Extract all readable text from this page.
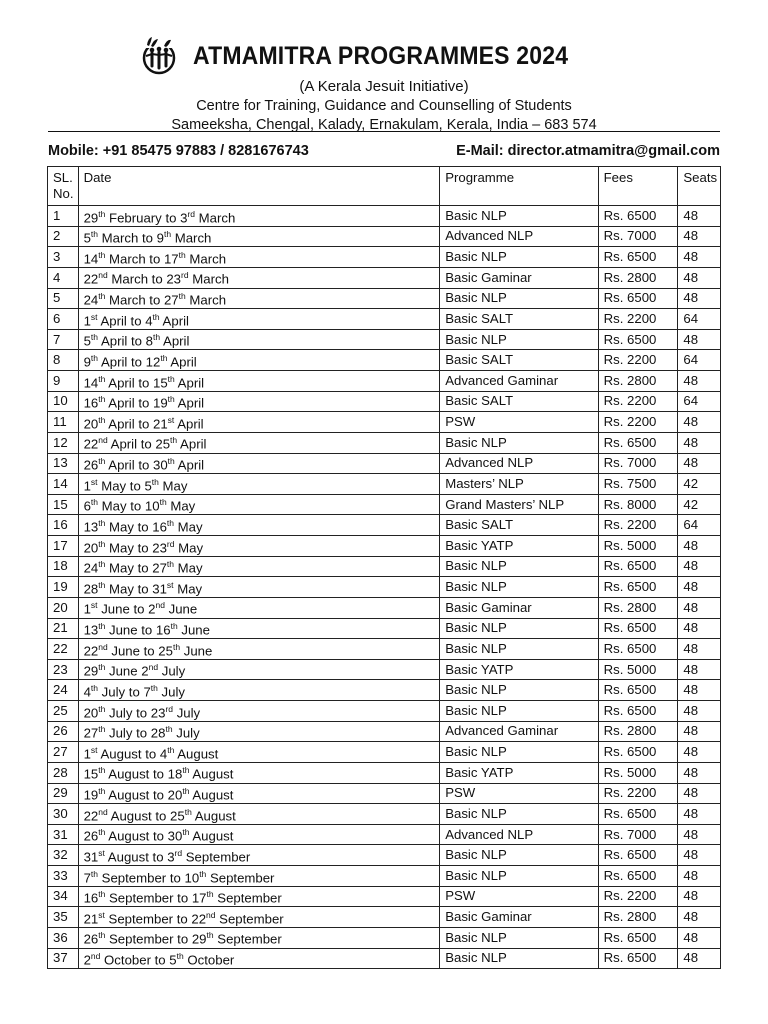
ATMAMITRA PROGRAMMES 2024
(A Kerala Jesuit Initiative)
Centre for Training, Guidance and Counselling of Students
Sameeksha, Chengal, Kalady, Ernakulam, Kerala, India – 683 574
Mobile: +91 85475 97883 / 8281676743	E-Mail: director.atmamitra@gmail.com
SL.
No.	Date	Programme	Fees	Seats
1	29th February to 3rd March	Basic NLP	Rs. 6500	48
2	5th March to 9th March	Advanced NLP	Rs. 7000	48
3	14th March to 17th March	Basic NLP	Rs. 6500	48
4	22nd March to 23rd March	Basic Gaminar	Rs. 2800	48
5	24th March to 27th March	Basic NLP	Rs. 6500	48
6	1st April to 4th April	Basic SALT	Rs. 2200	64
7	5th April to 8th April	Basic NLP	Rs. 6500	48
8	9th April to 12th April	Basic SALT	Rs. 2200	64
9	14th April to 15th April	Advanced Gaminar	Rs. 2800	48
10	16th April to 19th April	Basic SALT	Rs. 2200	64
11	20th April to 21st April	PSW	Rs. 2200	48
12	22nd April to 25th April	Basic NLP	Rs. 6500	48
13	26th April to 30th April	Advanced NLP	Rs. 7000	48
14	1st May to 5th May	Masters’ NLP	Rs. 7500	42
15	6th May to 10th May	Grand Masters’ NLP	Rs. 8000	42
16	13th May to 16th May	Basic SALT	Rs. 2200	64
17	20th May to 23rd May	Basic YATP	Rs. 5000	48
18	24th May to 27th May	Basic NLP	Rs. 6500	48
19	28th May to 31st May	Basic NLP	Rs. 6500	48
20	1st June to 2nd June	Basic Gaminar	Rs. 2800	48
21	13th June to 16th June	Basic NLP	Rs. 6500	48
22	22nd June to 25th June	Basic NLP	Rs. 6500	48
23	29th June 2nd July	Basic YATP	Rs. 5000	48
24	4th July to 7th July	Basic NLP	Rs. 6500	48
25	20th July to 23rd July	Basic NLP	Rs. 6500	48
26	27th July to 28th July	Advanced Gaminar	Rs. 2800	48
27	1st August to 4th August	Basic NLP	Rs. 6500	48
28	15th August to 18th August	Basic YATP	Rs. 5000	48
29	19th August to 20th August	PSW	Rs. 2200	48
30	22nd August to 25th August	Basic NLP	Rs. 6500	48
31	26th August to 30th August	Advanced NLP	Rs. 7000	48
32	31st August to 3rd September	Basic NLP	Rs. 6500	48
33	7th September to 10th September	Basic NLP	Rs. 6500	48
34	16th September to 17th September	PSW	Rs. 2200	48
35	21st September to 22nd September	Basic Gaminar	Rs. 2800	48
36	26th September to 29th September	Basic NLP	Rs. 6500	48
37	2nd October to 5th October	Basic NLP	Rs. 6500	48
